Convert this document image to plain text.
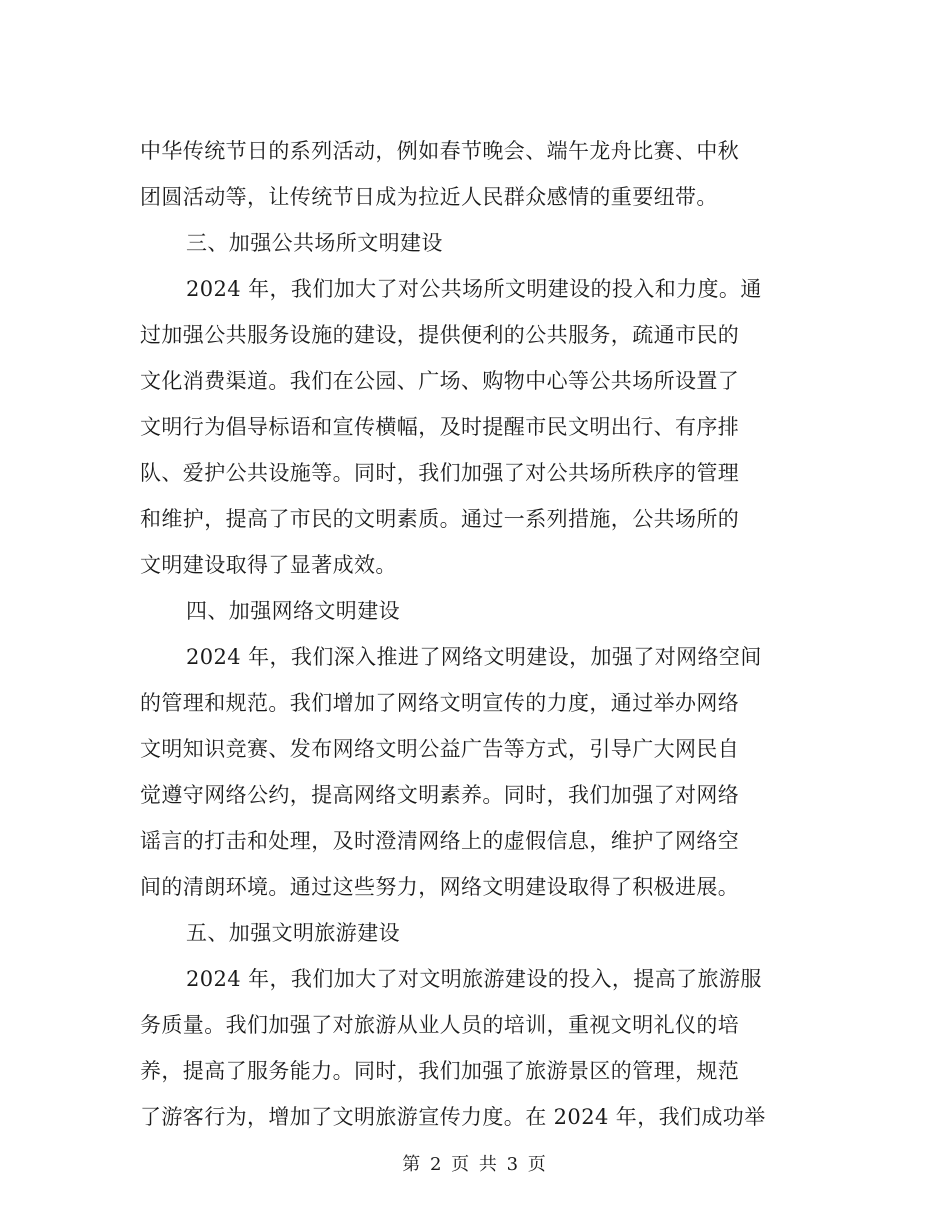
中华传统节日的系列活动，例如春节晚会、端午龙舟比赛、中秋
团圆活动等，让传统节日成为拉近人民群众感情的重要纽带。
三、加强公共场所文明建设
2024 年，我们加大了对公共场所文明建设的投入和力度。通
过加强公共服务设施的建设，提供便利的公共服务，疏通市民的
文化消费渠道。我们在公园、广场、购物中心等公共场所设置了
文明行为倡导标语和宣传横幅，及时提醒市民文明出行、有序排
队、爱护公共设施等。同时，我们加强了对公共场所秩序的管理
和维护，提高了市民的文明素质。通过一系列措施，公共场所的
文明建设取得了显著成效。
四、加强网络文明建设
2024 年，我们深入推进了网络文明建设，加强了对网络空间
的管理和规范。我们增加了网络文明宣传的力度，通过举办网络
文明知识竞赛、发布网络文明公益广告等方式，引导广大网民自
觉遵守网络公约，提高网络文明素养。同时，我们加强了对网络
谣言的打击和处理，及时澄清网络上的虚假信息，维护了网络空
间的清朗环境。通过这些努力，网络文明建设取得了积极进展。
五、加强文明旅游建设
2024 年，我们加大了对文明旅游建设的投入，提高了旅游服
务质量。我们加强了对旅游从业人员的培训，重视文明礼仪的培
养，提高了服务能力。同时，我们加强了旅游景区的管理，规范
了游客行为，增加了文明旅游宣传力度。在 2024 年，我们成功举
第 2 页 共 3 页
